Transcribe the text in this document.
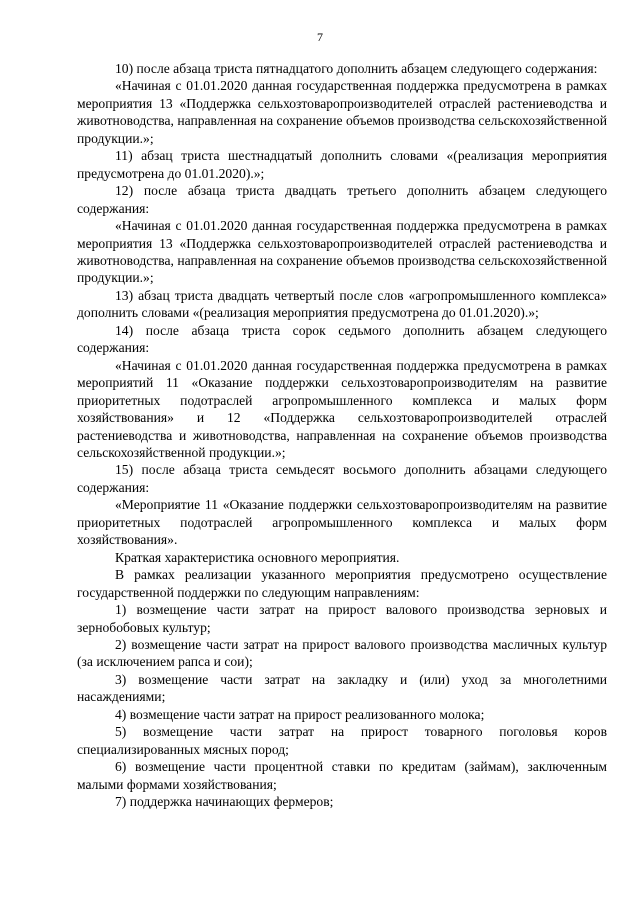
7

10) после абзаца триста пятнадцатого дополнить абзацем следующего содержания:

«Начиная с 01.01.2020 данная государственная поддержка предусмотрена в рамках мероприятия 13 «Поддержка сельхозтоваропроизводителей отраслей растениеводства и животноводства, направленная на сохранение объемов производства сельскохозяйственной продукции.»;

11) абзац триста шестнадцатый дополнить словами «(реализация мероприятия предусмотрена до 01.01.2020).»;

12) после абзаца триста двадцать третьего дополнить абзацем следующего содержания:

«Начиная с 01.01.2020 данная государственная поддержка предусмотрена в рамках мероприятия 13 «Поддержка сельхозтоваропроизводителей отраслей растениеводства и животноводства, направленная на сохранение объемов производства сельскохозяйственной продукции.»;

13) абзац триста двадцать четвертый после слов «агропромышленного комплекса» дополнить словами «(реализация мероприятия предусмотрена до 01.01.2020).»;

14) после абзаца триста сорок седьмого дополнить абзацем следующего содержания:

«Начиная с 01.01.2020 данная государственная поддержка предусмотрена в рамках мероприятий 11 «Оказание поддержки сельхозтоваропроизводителям на развитие приоритетных подотраслей агропромышленного комплекса и малых форм хозяйствования» и 12 «Поддержка сельхозтоваропроизводителей отраслей растениеводства и животноводства, направленная на сохранение объемов производства сельскохозяйственной продукции.»;

15) после абзаца триста семьдесят восьмого дополнить абзацами следующего содержания:

«Мероприятие 11 «Оказание поддержки сельхозтоваропроизводителям на развитие приоритетных подотраслей агропромышленного комплекса и малых форм хозяйствования».

Краткая характеристика основного мероприятия.

В рамках реализации указанного мероприятия предусмотрено осуществление государственной поддержки по следующим направлениям:

1) возмещение части затрат на прирост валового производства зерновых и зернобобовых культур;

2) возмещение части затрат на прирост валового производства масличных культур (за исключением рапса и сои);

3) возмещение части затрат на закладку и (или) уход за многолетними насаждениями;

4) возмещение части затрат на прирост реализованного молока;

5) возмещение части затрат на прирост товарного поголовья коров специализированных мясных пород;

6) возмещение части процентной ставки по кредитам (займам), заключенным малыми формами хозяйствования;

7) поддержка начинающих фермеров;
